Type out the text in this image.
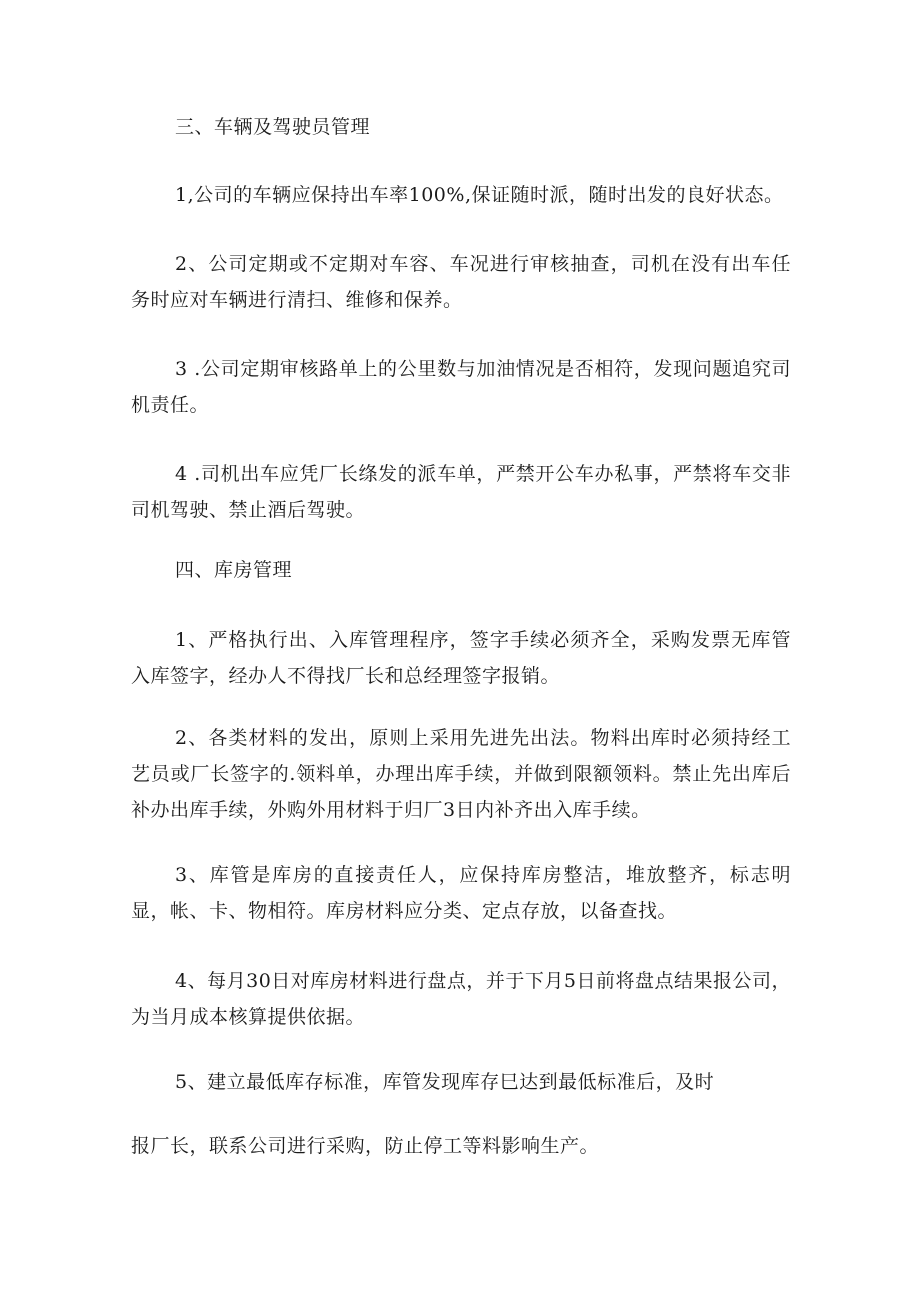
三、车辆及驾驶员管理

1,公司的车辆应保持出车率100%,保证随时派，随时出发的良好状态。

2、公司定期或不定期对车容、车况进行审核抽查，司机在没有出车任务时应对车辆进行清扫、维修和保养。

3 .公司定期审核路单上的公里数与加油情况是否相符，发现问题追究司机责任。

4 .司机出车应凭厂长绦发的派车单，严禁开公车办私事，严禁将车交非司机驾驶、禁止酒后驾驶。

四、库房管理

1、严格执行出、入库管理程序，签字手续必须齐全，采购发票无库管入库签字，经办人不得找厂长和总经理签字报销。

2、各类材料的发出，原则上采用先进先出法。物料出库时必须持经工艺员或厂长签字的.领料单，办理出库手续，并做到限额领料。禁止先出库后补办出库手续，外购外用材料于归厂3日内补齐出入库手续。

3、库管是库房的直接责任人，应保持库房整洁，堆放整齐，标志明显，帐、卡、物相符。库房材料应分类、定点存放，以备查找。

4、每月30日对库房材料进行盘点，并于下月5日前将盘点结果报公司，为当月成本核算提供依据。

5、建立最低库存标准，库管发现库存巳达到最低标准后，及时

报厂长，联系公司进行采购，防止停工等料影响生产。
